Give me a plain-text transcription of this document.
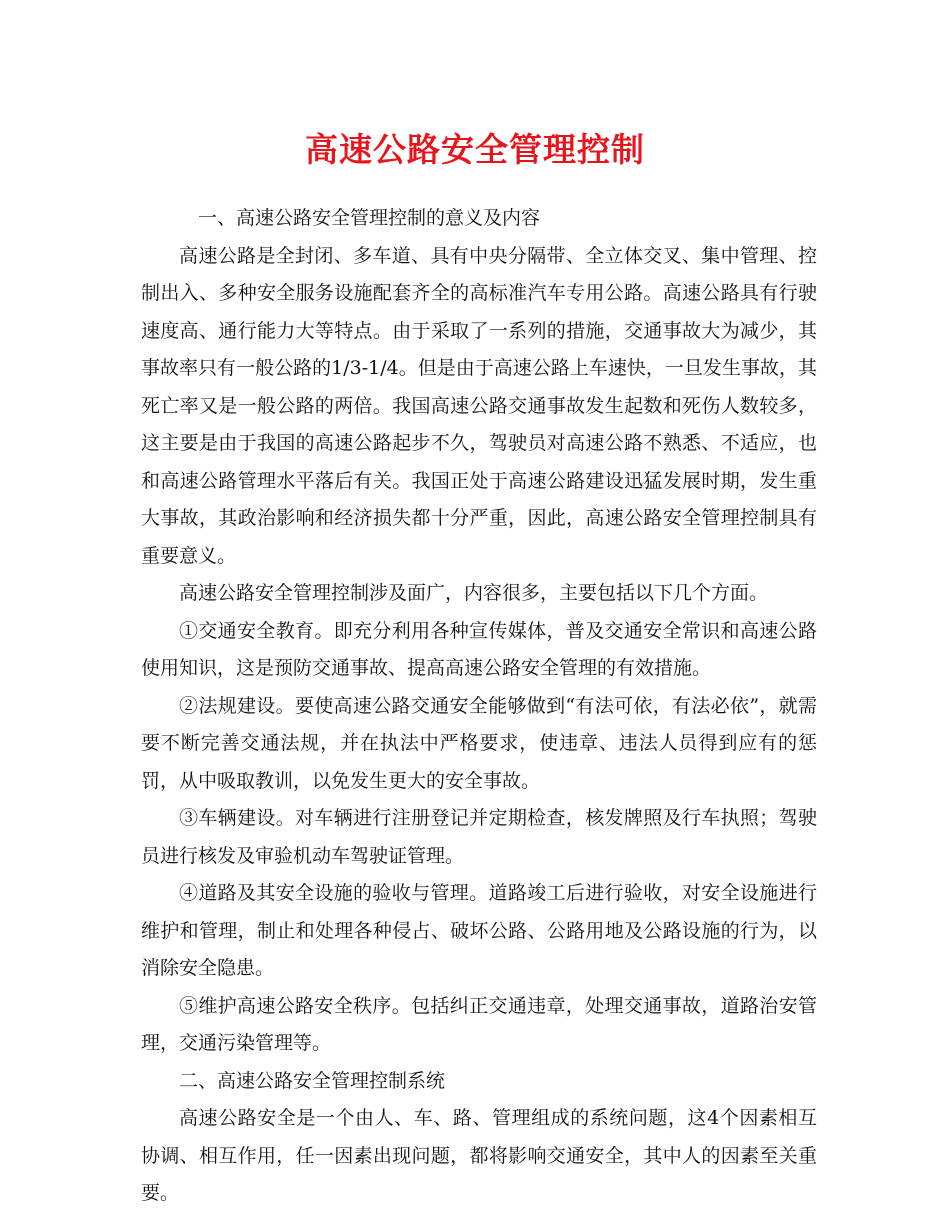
高速公路安全管理控制

一、高速公路安全管理控制的意义及内容

高速公路是全封闭、多车道、具有中央分隔带、全立体交叉、集中管理、控制出入、多种安全服务设施配套齐全的高标准汽车专用公路。高速公路具有行驶速度高、通行能力大等特点。由于采取了一系列的措施，交通事故大为减少，其事故率只有一般公路的1/3-1/4。但是由于高速公路上车速快，一旦发生事故，其死亡率又是一般公路的两倍。我国高速公路交通事故发生起数和死伤人数较多，这主要是由于我国的高速公路起步不久，驾驶员对高速公路不熟悉、不适应，也和高速公路管理水平落后有关。我国正处于高速公路建设迅猛发展时期，发生重大事故，其政治影响和经济损失都十分严重，因此，高速公路安全管理控制具有重要意义。

高速公路安全管理控制涉及面广，内容很多，主要包括以下几个方面。

①交通安全教育。即充分利用各种宣传媒体，普及交通安全常识和高速公路使用知识，这是预防交通事故、提高高速公路安全管理的有效措施。

②法规建设。要使高速公路交通安全能够做到“有法可依，有法必依”，就需要不断完善交通法规，并在执法中严格要求，使违章、违法人员得到应有的惩罚，从中吸取教训，以免发生更大的安全事故。

③车辆建设。对车辆进行注册登记并定期检查，核发牌照及行车执照；驾驶员进行核发及审验机动车驾驶证管理。

④道路及其安全设施的验收与管理。道路竣工后进行验收，对安全设施进行维护和管理，制止和处理各种侵占、破坏公路、公路用地及公路设施的行为，以消除安全隐患。

⑤维护高速公路安全秩序。包括纠正交通违章，处理交通事故，道路治安管理，交通污染管理等。

二、高速公路安全管理控制系统

高速公路安全是一个由人、车、路、管理组成的系统问题，这4个因素相互协调、相互作用，任一因素出现问题，都将影响交通安全，其中人的因素至关重要。
